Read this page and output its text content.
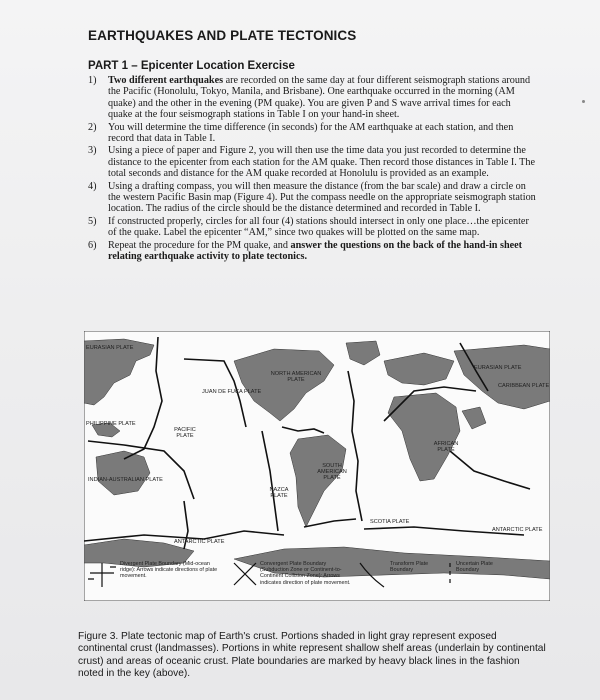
EARTHQUAKES AND PLATE TECTONICS
PART 1 – Epicenter Location Exercise
1)	Two different earthquakes are recorded on the same day at four different seismograph stations around the Pacific (Honolulu, Tokyo, Manila, and Brisbane). One earthquake occurred in the morning (AM quake) and the other in the evening (PM quake). You are given P and S wave arrival times for each quake at the four seismograph stations in Table I on your hand-in sheet.
2)	You will determine the time difference (in seconds) for the AM earthquake at each station, and then record that data in Table I.
3)	Using a piece of paper and Figure 2, you will then use the time data you just recorded to determine the distance to the epicenter from each station for the AM quake. Then record those distances in Table I. The total seconds and distance for the AM quake recorded at Honolulu is provided as an example.
4)	Using a drafting compass, you will then measure the distance (from the bar scale) and draw a circle on the western Pacific Basin map (Figure 4). Put the compass needle on the appropriate seismograph station location. The radius of the circle should be the distance determined and recorded in Table I.
5)	If constructed properly, circles for all four (4) stations should intersect in only one place…the epicenter of the quake. Label the epicenter “AM,” since two quakes will be plotted on the same map.
6)	Repeat the procedure for the PM quake, and answer the questions on the back of the hand-in sheet relating earthquake activity to plate tectonics.
EURASIAN PLATE
EURASIAN PLATE
NORTH AMERICAN PLATE
JUAN DE FUCA PLATE
CARIBBEAN PLATE
PHILIPPINE PLATE
PACIFIC PLATE
AFRICAN PLATE
SOUTH AMERICAN PLATE
NAZCA PLATE
INDIAN-AUSTRALIAN PLATE
SCOTIA PLATE
ANTARCTIC PLATE
ANTARCTIC PLATE
Divergent Plate Boundary (Mid-ocean ridge): Arrows indicate directions of plate movement.
Convergent Plate Boundary (Subduction Zone or Continent-to-Continent Collision Zone): Arrows indicates direction of plate movement.
Transform Plate Boundary
Uncertain Plate Boundary
Figure 3. Plate tectonic map of Earth's crust. Portions shaded in light gray represent exposed continental crust (landmasses). Portions in white represent shallow shelf areas (underlain by continental crust) and areas of oceanic crust. Plate boundaries are marked by heavy black lines in the fashion noted in the key (above).
